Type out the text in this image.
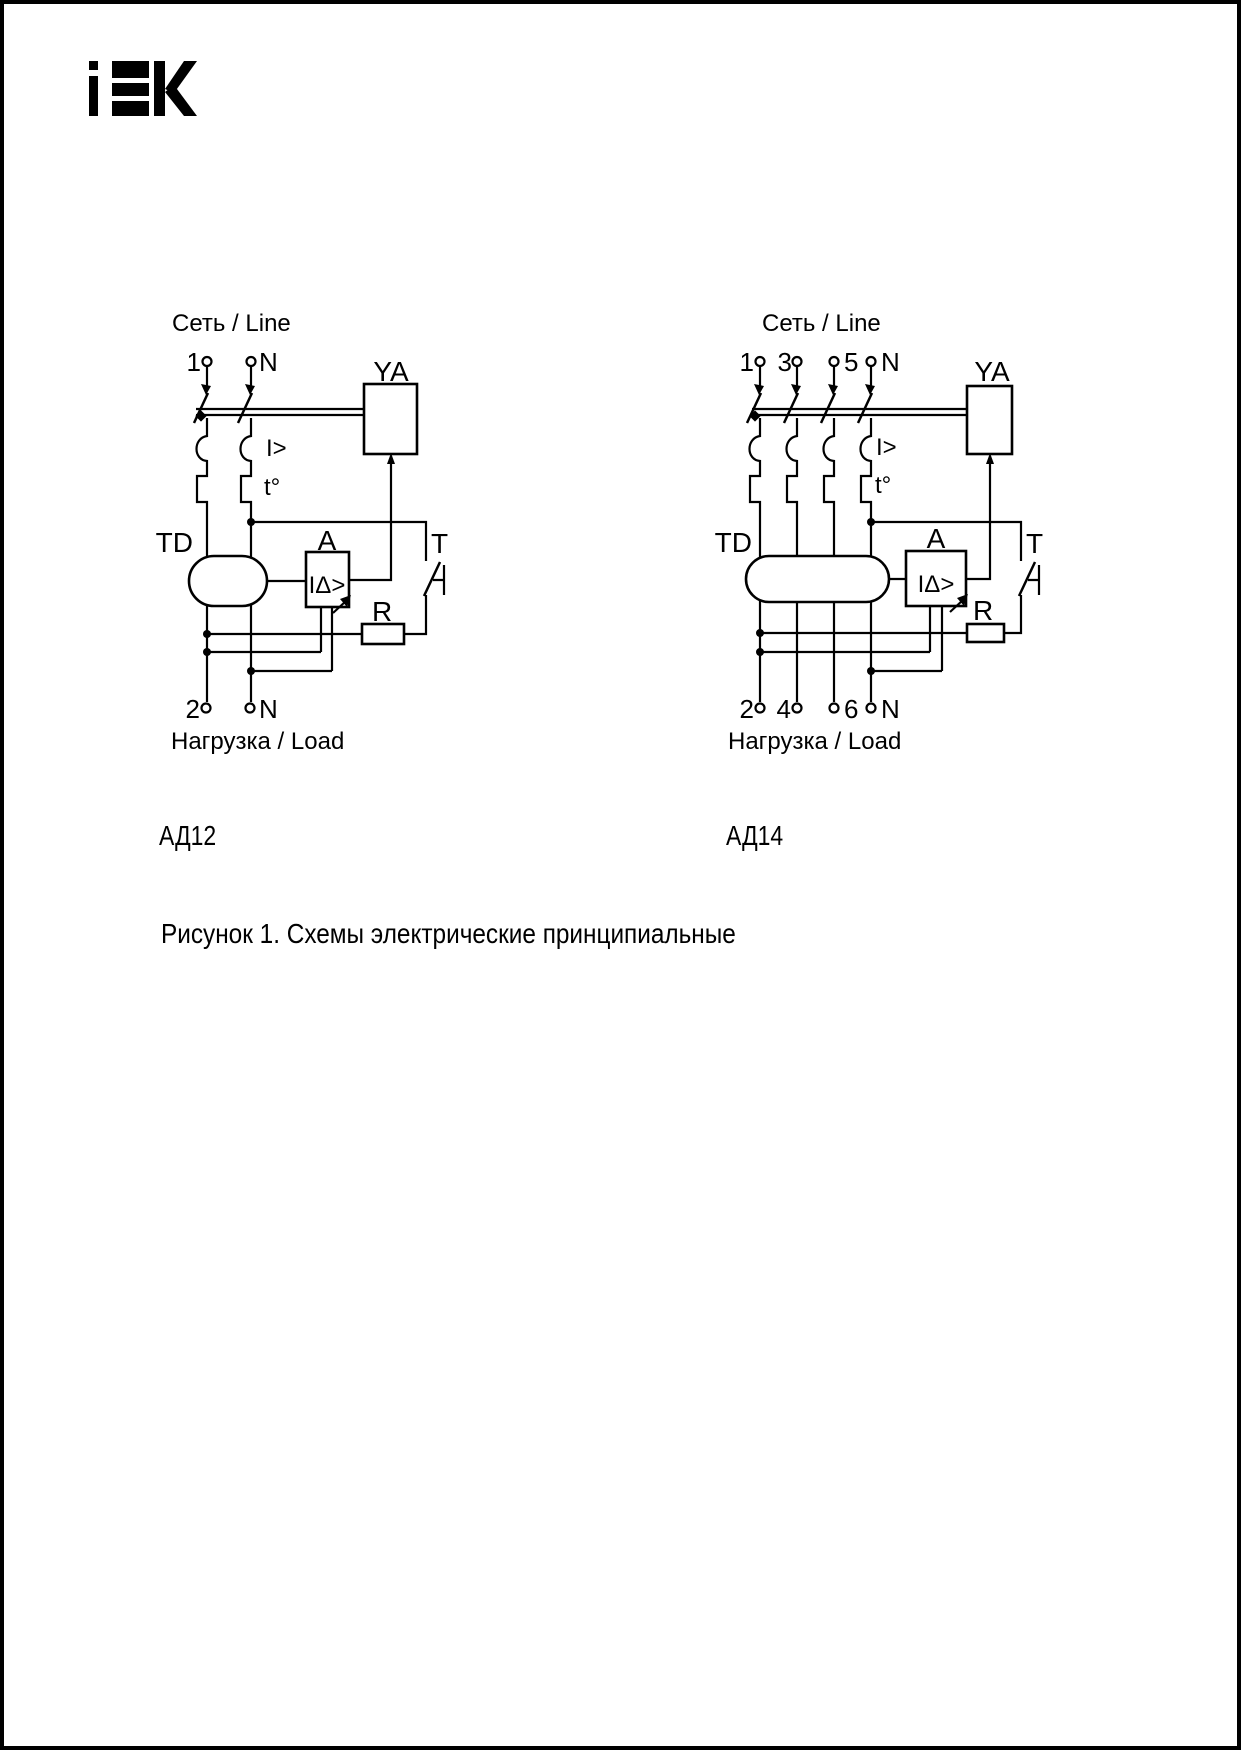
Сеть / Line
1 N
I>
t°
YA
T
R
TD	A
IΔ>
2 N
Нагрузка / Load
Сеть / Line
1 3 5 N
I>
t°
YA
T
R
TD	A
IΔ>
2 4 6 N
Нагрузка / Load
АД12	АД14
Рисунок 1. Схемы электрические принципиальные
